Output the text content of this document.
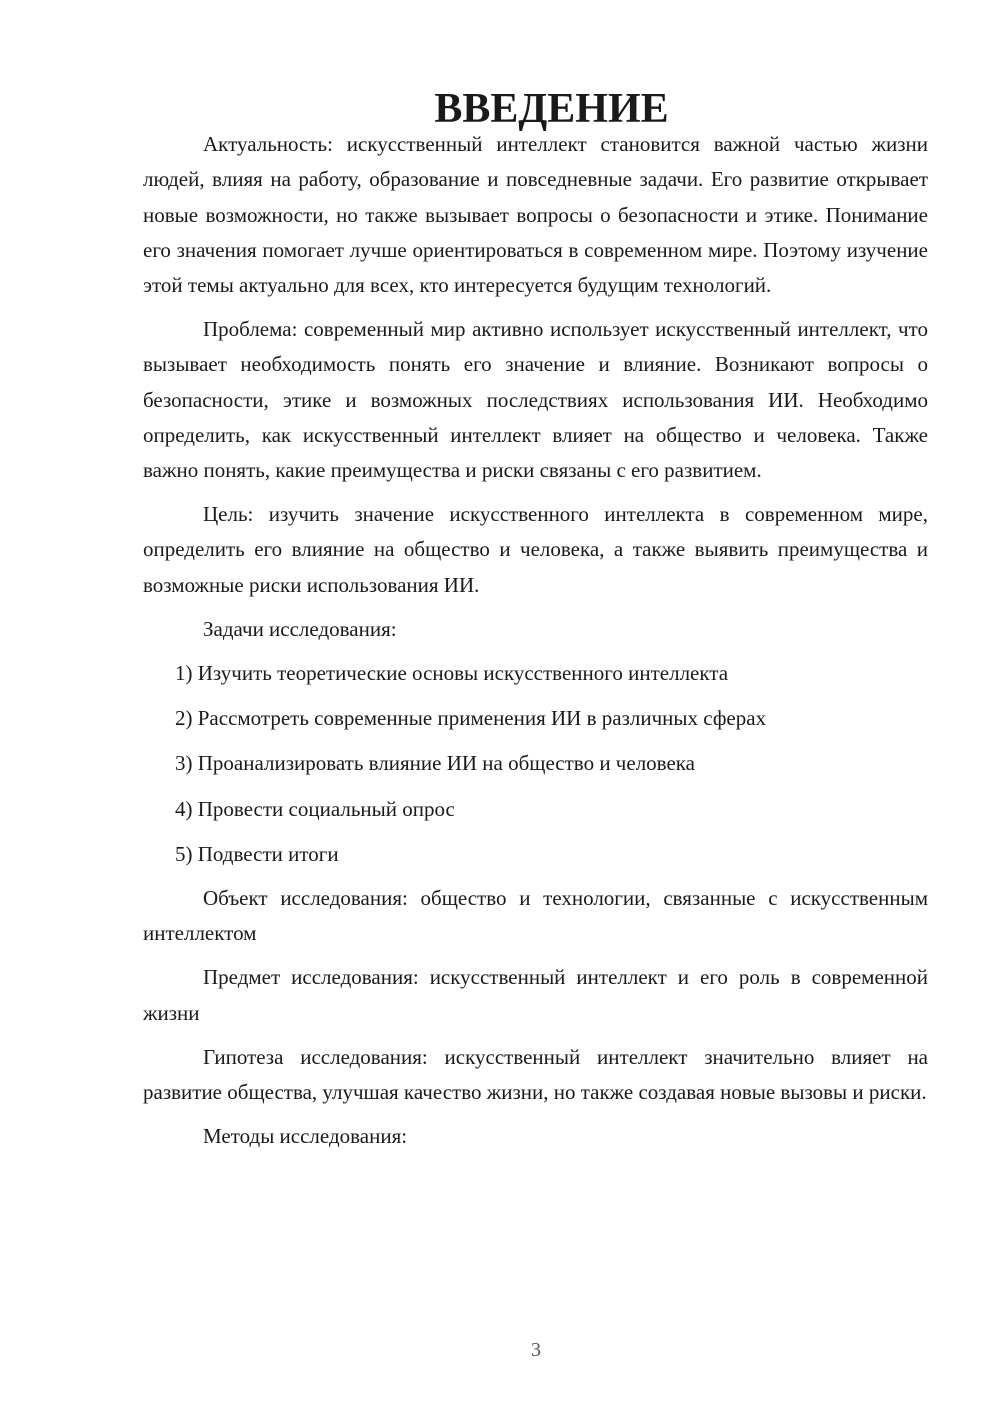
ВВЕДЕНИЕ

Актуальность: искусственный интеллект становится важной частью жизни людей, влияя на работу, образование и повседневные задачи. Его развитие открывает новые возможности, но также вызывает вопросы о безопасности и этике. Понимание его значения помогает лучше ориентироваться в современном мире. Поэтому изучение этой темы актуально для всех, кто интересуется будущим технологий.

Проблема: современный мир активно использует искусственный интеллект, что вызывает необходимость понять его значение и влияние. Возникают вопросы о безопасности, этике и возможных последствиях использования ИИ. Необходимо определить, как искусственный интеллект влияет на общество и человека. Также важно понять, какие преимущества и риски связаны с его развитием.

Цель: изучить значение искусственного интеллекта в современном мире, определить его влияние на общество и человека, а также выявить преимущества и возможные риски использования ИИ.

Задачи исследования:

1) Изучить теоретические основы искусственного интеллекта
2) Рассмотреть современные применения ИИ в различных сферах
3) Проанализировать влияние ИИ на общество и человека
4) Провести социальный опрос
5) Подвести итоги

Объект исследования: общество и технологии, связанные с искусственным интеллектом

Предмет исследования: искусственный интеллект и его роль в современной жизни

Гипотеза исследования: искусственный интеллект значительно влияет на развитие общества, улучшая качество жизни, но также создавая новые вызовы и риски.

Методы исследования:

3
